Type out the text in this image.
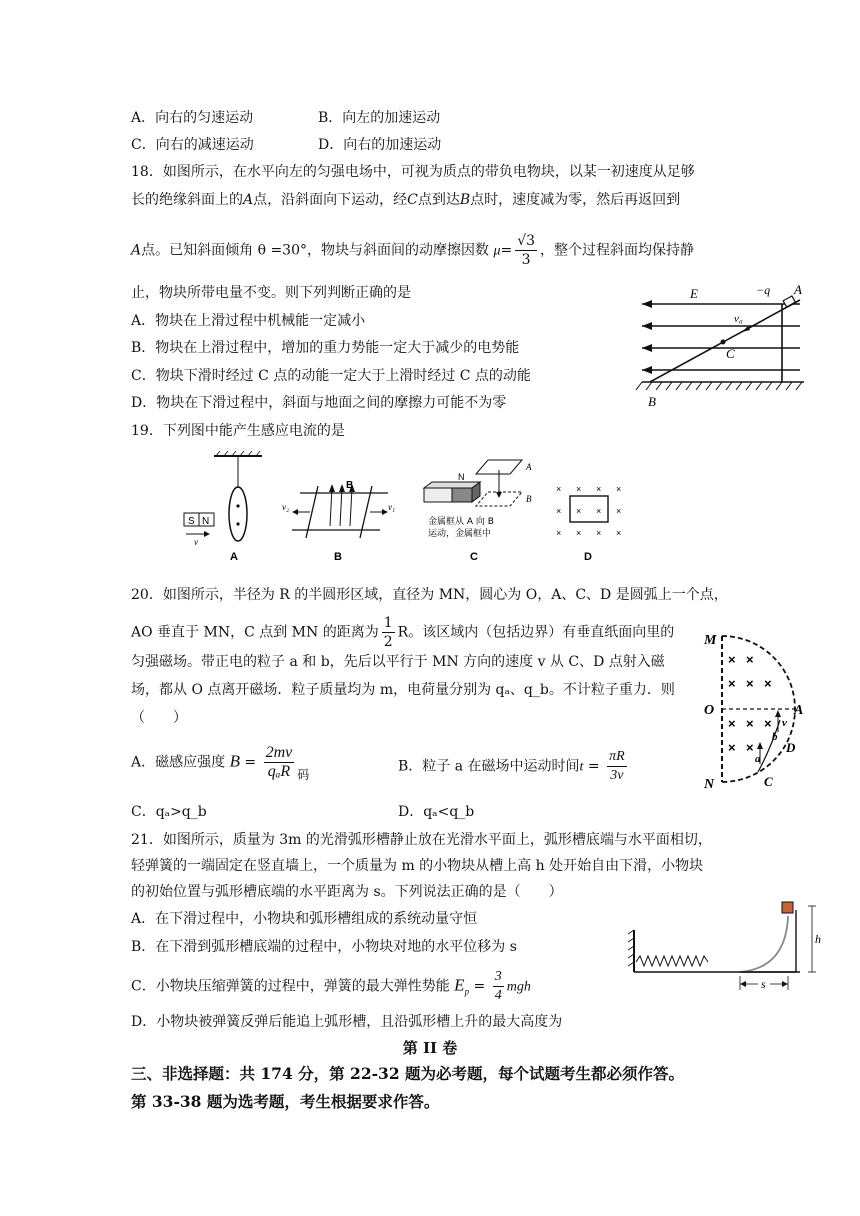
A．向右的匀速运动	B．向左的加速运动
C．向右的减速运动	D．向右的加速运动
18．如图所示，在水平向左的匀强电场中，可视为质点的带负电物块，以某一初速度从足够
长的绝缘斜面上的A点，沿斜面向下运动，经C点到达B点时，速度减为零，然后再返回到
A点。已知斜面倾角 θ =30°，物块与斜面间的动摩擦因数 $\mu= \frac{√3}{3}$ ，整个过程斜面均保持静
止，物块所带电量不变。则下列判断正确的是
A．物块在上滑过程中机械能一定减小
B．物块在上滑过程中，增加的重力势能一定大于减少的电势能
C．物块下滑时经过 C 点的动能一定大于上滑时经过 C 点的动能
D．物块在下滑过程中，斜面与地面之间的摩擦力可能不为零
E	−q A
v₀
C
B
19．下列图中能产生感应电流的是
S N
v
A
v₂
B
v₁
B
N
A
B
金属框从 A 向 B
运动，金属框中
C
× × × ×
× × × ×
× × × ×
D
20．如图所示，半径为 R 的半圆形区域，直径为 MN，圆心为 O，A、C、D 是圆弧上一个点，
AO 垂直于 MN，C 点到 MN 的距离为 $\frac{1}{2}$ R。该区域内（包括边界）有垂直纸面向里的
匀强磁场。带正电的粒子 a 和 b，先后以平行于 MN 方向的速度 v 从 C、D 点射入磁
场，都从 O 点离开磁场．粒子质量均为 m，电荷量分别为 qₐ、q_b。不计粒子重力．则
（　　）
A．磁感应强度 $B = \frac{2mv}{\text{qₐR}}$ 码	B．粒子 a 在磁场中运动时间$t = \frac{\pi R}{3v}$
C．qₐ>q_b	D．qₐ<q_b
× ×
× × ×
× × ×
× ×
M
O	A
N
D
C
b
a
v
21．如图所示，质量为 3m 的光滑弧形槽静止放在光滑水平面上，弧形槽底端与水平面相切，
轻弹簧的一端固定在竖直墙上，一个质量为 m 的小物块从槽上高 h 处开始自由下滑，小物块
的初始位置与弧形槽底端的水平距离为 s。下列说法正确的是（　　）
A．在下滑过程中，小物块和弧形槽组成的系统动量守恒
B．在下滑到弧形槽底端的过程中，小物块对地的水平位移为 s
C．小物块压缩弹簧的过程中，弹簧的最大弹性势能 $E_p = \frac{3}{4}$ mgh
D．小物块被弹簧反弹后能追上弧形槽，且沿弧形槽上升的最大高度为
h
s
第 II 卷
三、非选择题：共 174 分，第 22-32 题为必考题，每个试题考生都必须作答。
第 33-38 题为选考题，考生根据要求作答。
